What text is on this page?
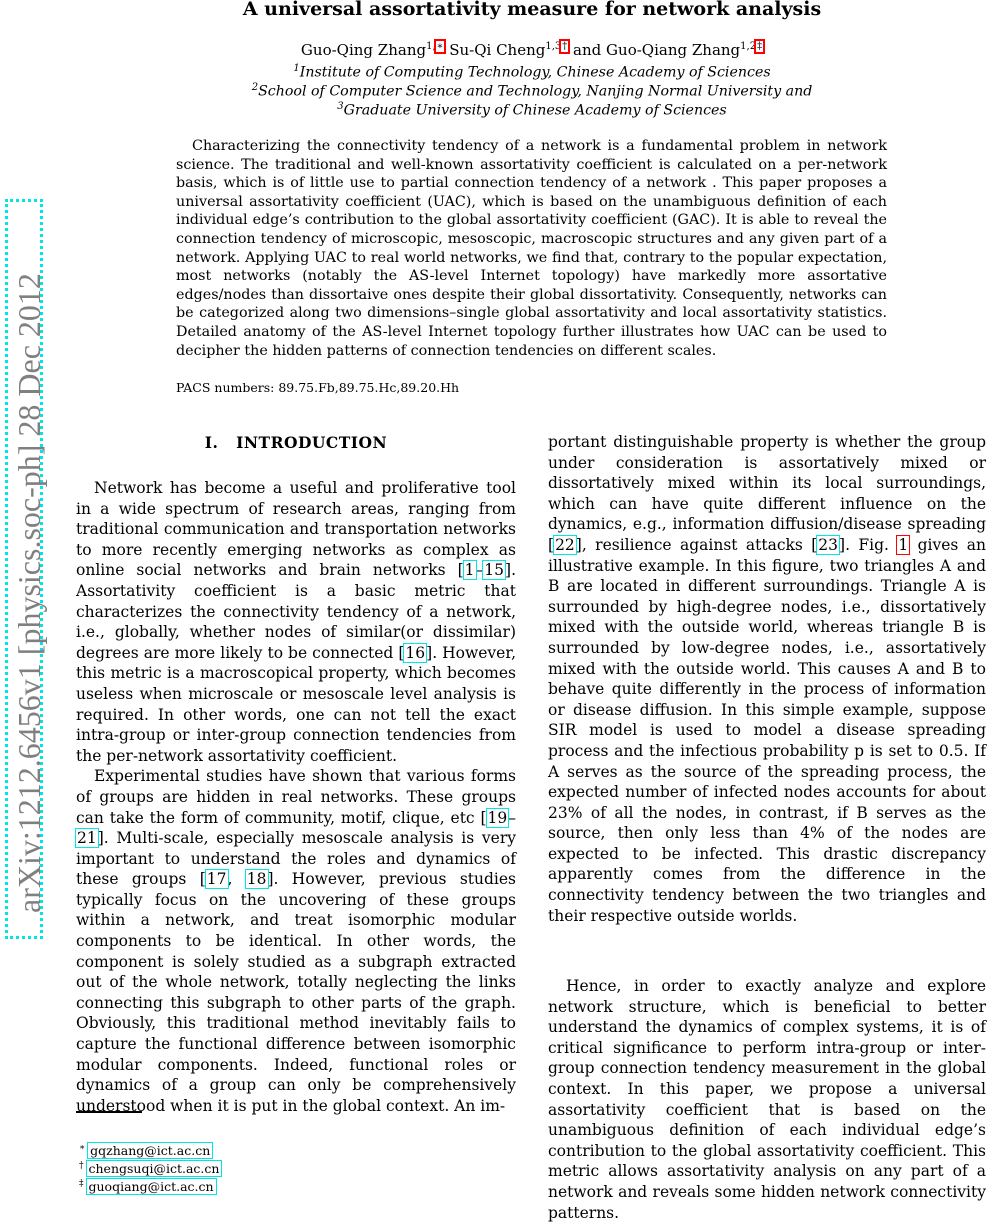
arXiv:1212.6456v1 [physics.soc-ph] 28 Dec 2012
A universal assortativity measure for network analysis
Guo-Qing Zhang$^{1,∗}$ Su-Qi Cheng$^{1,3\dagger}$ and Guo-Qiang Zhang$^{1,2\ddagger}$
$^1$Institute of Computing Technology, Chinese Academy of Sciences
$^2$School of Computer Science and Technology, Nanjing Normal University and
$^3$Graduate University of Chinese Academy of Sciences
Characterizing the connectivity tendency of a network is a fundamental problem in network science. The traditional and well-known assortativity coefficient is calculated on a per-network basis, which is of little use to partial connection tendency of a network . This paper proposes a universal assortativity coefficient (UAC), which is based on the unambiguous definition of each individual edge’s contribution to the global assortativity coefficient (GAC). It is able to reveal the connection tendency of microscopic, mesoscopic, macroscopic structures and any given part of a network. Applying UAC to real world networks, we find that, contrary to the popular expectation, most networks (notably the AS-level Internet topology) have markedly more assortative edges/nodes than dissortaive ones despite their global dissortativity. Consequently, networks can be categorized along two dimensions–single global assortativity and local assortativity statistics. Detailed anatomy of the AS-level Internet topology further illustrates how UAC can be used to decipher the hidden patterns of connection tendencies on different scales.
PACS numbers: 89.75.Fb,89.75.Hc,89.20.Hh
I. INTRODUCTION

Network has become a useful and proliferative tool in a wide spectrum of research areas, ranging from traditional communication and transportation networks to more recently emerging networks as complex as online social networks and brain networks [1–15]. Assortativity coefficient is a basic metric that characterizes the connectivity tendency of a network, i.e., globally, whether nodes of similar(or dissimilar) degrees are more likely to be connected [16]. However, this metric is a macroscopical property, which becomes useless when microscale or mesoscale level analysis is required. In other words, one can not tell the exact intra-group or inter-group connection tendencies from the per-network assortativity coefficient.

Experimental studies have shown that various forms of groups are hidden in real networks. These groups can take the form of community, motif, clique, etc [19–21]. Multi-scale, especially mesoscale analysis is very important to understand the roles and dynamics of these groups [17, 18]. However, previous studies typically focus on the uncovering of these groups within a network, and treat isomorphic modular components to be identical. In other words, the component is solely studied as a subgraph extracted out of the whole network, totally neglecting the links connecting this subgraph to other parts of the graph. Obviously, this traditional method inevitably fails to capture the functional difference between isomorphic modular components. Indeed, functional roles or dynamics of a group can only be comprehensively understood when it is put in the global context. An im-

portant distinguishable property is whether the group under consideration is assortatively mixed or dissortatively mixed within its local surroundings, which can have quite different influence on the dynamics, e.g., information diffusion/disease spreading [22], resilience against attacks [23]. Fig. 1 gives an illustrative example. In this figure, two triangles A and B are located in different surroundings. Triangle A is surrounded by high-degree nodes, i.e., dissortatively mixed with the outside world, whereas triangle B is surrounded by low-degree nodes, i.e., assortatively mixed with the outside world. This causes A and B to behave quite differently in the process of information or disease diffusion. In this simple example, suppose SIR model is used to model a disease spreading process and the infectious probability p is set to 0.5. If A serves as the source of the spreading process, the expected number of infected nodes accounts for about 23% of all the nodes, in contrast, if B serves as the source, then only less than 4% of the nodes are expected to be infected. This drastic discrepancy apparently comes from the difference in the connectivity tendency between the two triangles and their respective outside worlds.

Hence, in order to exactly analyze and explore network structure, which is beneficial to better understand the dynamics of complex systems, it is of critical significance to perform intra-group or inter-group connection tendency measurement in the global context. In this paper, we propose a universal assortativity coefficient that is based on the unambiguous definition of each individual edge’s contribution to the global assortativity coefficient. This metric allows assortativity analysis on any part of a network and reveals some hidden network connectivity patterns.

∗ gqzhang@ict.ac.cn
† chengsuqi@ict.ac.cn
‡ guoqiang@ict.ac.cn
